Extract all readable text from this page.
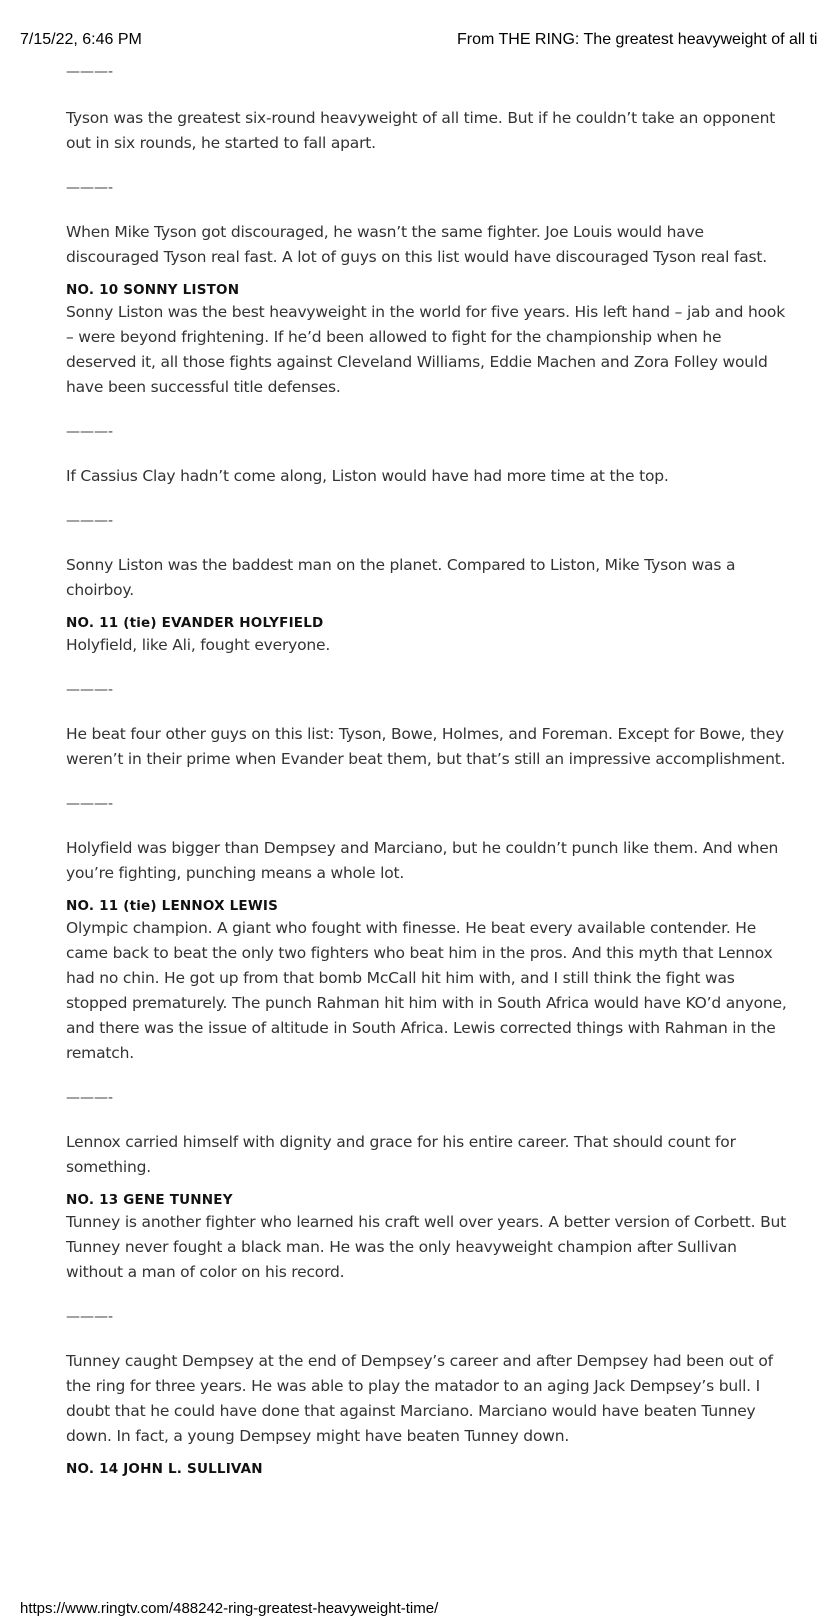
7/15/22, 6:46 PM	From THE RING: The greatest heavyweight of all ti

———-

Tyson was the greatest six-round heavyweight of all time. But if he couldn’t take an opponent out in six rounds, he started to fall apart.

———-

When Mike Tyson got discouraged, he wasn’t the same fighter. Joe Louis would have discouraged Tyson real fast. A lot of guys on this list would have discouraged Tyson real fast.

NO. 10 SONNY LISTON

Sonny Liston was the best heavyweight in the world for five years. His left hand – jab and hook – were beyond frightening. If he’d been allowed to fight for the championship when he deserved it, all those fights against Cleveland Williams, Eddie Machen and Zora Folley would have been successful title defenses.

———-

If Cassius Clay hadn’t come along, Liston would have had more time at the top.

———-

Sonny Liston was the baddest man on the planet. Compared to Liston, Mike Tyson was a choirboy.

NO. 11 (tie) EVANDER HOLYFIELD

Holyfield, like Ali, fought everyone.

———-

He beat four other guys on this list: Tyson, Bowe, Holmes, and Foreman. Except for Bowe, they weren’t in their prime when Evander beat them, but that’s still an impressive accomplishment.

———-

Holyfield was bigger than Dempsey and Marciano, but he couldn’t punch like them. And when you’re fighting, punching means a whole lot.

NO. 11 (tie) LENNOX LEWIS

Olympic champion. A giant who fought with finesse. He beat every available contender. He came back to beat the only two fighters who beat him in the pros. And this myth that Lennox had no chin. He got up from that bomb McCall hit him with, and I still think the fight was stopped prematurely. The punch Rahman hit him with in South Africa would have KO’d anyone, and there was the issue of altitude in South Africa. Lewis corrected things with Rahman in the rematch.

———-

Lennox carried himself with dignity and grace for his entire career. That should count for something.

NO. 13 GENE TUNNEY

Tunney is another fighter who learned his craft well over years. A better version of Corbett. But Tunney never fought a black man. He was the only heavyweight champion after Sullivan without a man of color on his record.

———-

Tunney caught Dempsey at the end of Dempsey’s career and after Dempsey had been out of the ring for three years. He was able to play the matador to an aging Jack Dempsey’s bull. I doubt that he could have done that against Marciano. Marciano would have beaten Tunney down. In fact, a young Dempsey might have beaten Tunney down.

NO. 14 JOHN L. SULLIVAN

https://www.ringtv.com/488242-ring-greatest-heavyweight-time/
